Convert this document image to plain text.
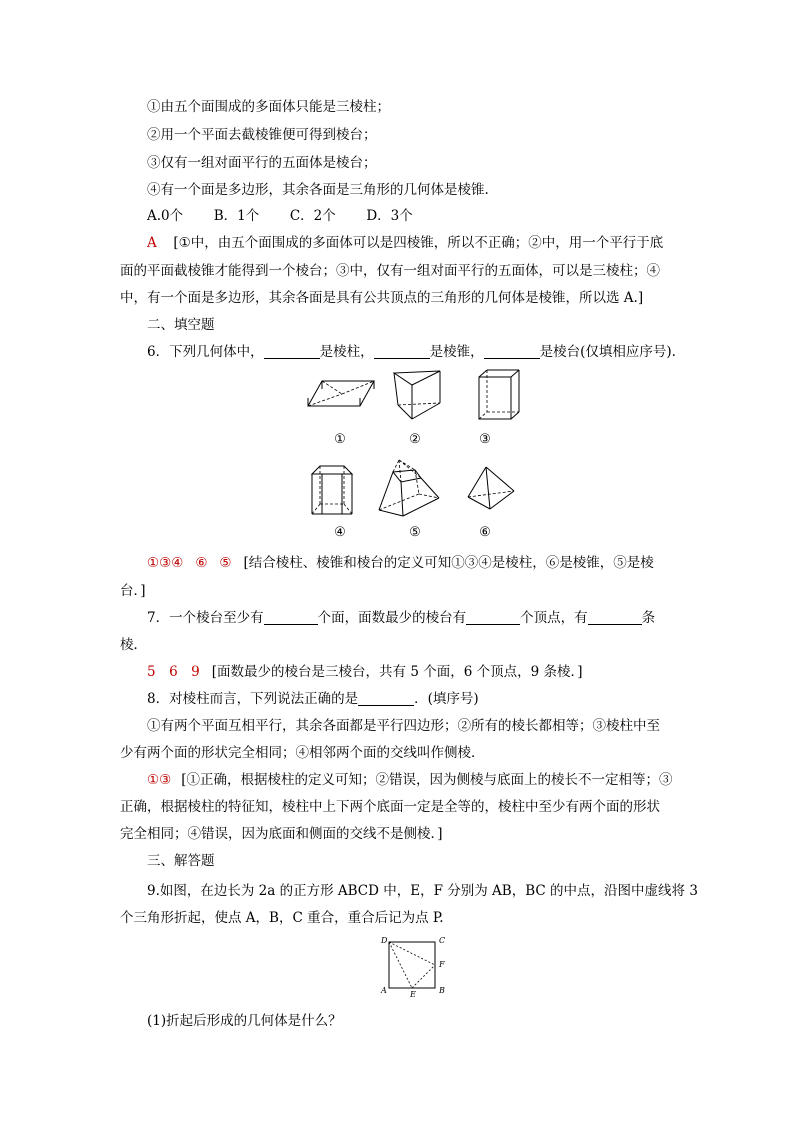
①由五个面围成的多面体只能是三棱柱；
②用一个平面去截棱锥便可得到棱台；
③仅有一组对面平行的五面体是棱台；
④有一个面是多边形，其余各面是三角形的几何体是棱锥.
A.0个 B．1个 C．2个 D．3个
A [①中，由五个面围成的多面体可以是四棱锥，所以不正确；②中，用一个平行于底
面的平面截棱锥才能得到一个棱台；③中，仅有一组对面平行的五面体，可以是三棱柱；④
中，有一个面是多边形，其余各面是具有公共顶点的三角形的几何体是棱锥，所以选 A.]
二、填空题
6．下列几何体中，	是棱柱，	是棱锥，	是棱台(仅填相应序号).
①	②	③
④	⑤	⑥
①③④ ⑥ ⑤ [结合棱柱、棱锥和棱台的定义可知①③④是棱柱，⑥是棱锥，⑤是棱
台．]
7．一个棱台至少有	个面，面数最少的棱台有	个顶点，有	条
棱．
5　6　9 [面数最少的棱台是三棱台，共有 5 个面，6 个顶点，9 条棱．]
8．对棱柱而言，下列说法正确的是	．(填序号)
①有两个平面互相平行，其余各面都是平行四边形；②所有的棱长都相等；③棱柱中至
少有两个面的形状完全相同；④相邻两个面的交线叫作侧棱．
①③ [①正确，根据棱柱的定义可知；②错误，因为侧棱与底面上的棱长不一定相等；③
正确，根据棱柱的特征知，棱柱中上下两个底面一定是全等的，棱柱中至少有两个面的形状
完全相同；④错误，因为底面和侧面的交线不是侧棱．]
三、解答题
9.如图，在边长为 2a 的正方形 ABCD 中，E，F 分别为 AB，BC 的中点，沿图中虚线将 3
个三角形折起，使点 A，B，C 重合，重合后记为点 P.
D	C
F
A	E	B
(1)折起后形成的几何体是什么？
